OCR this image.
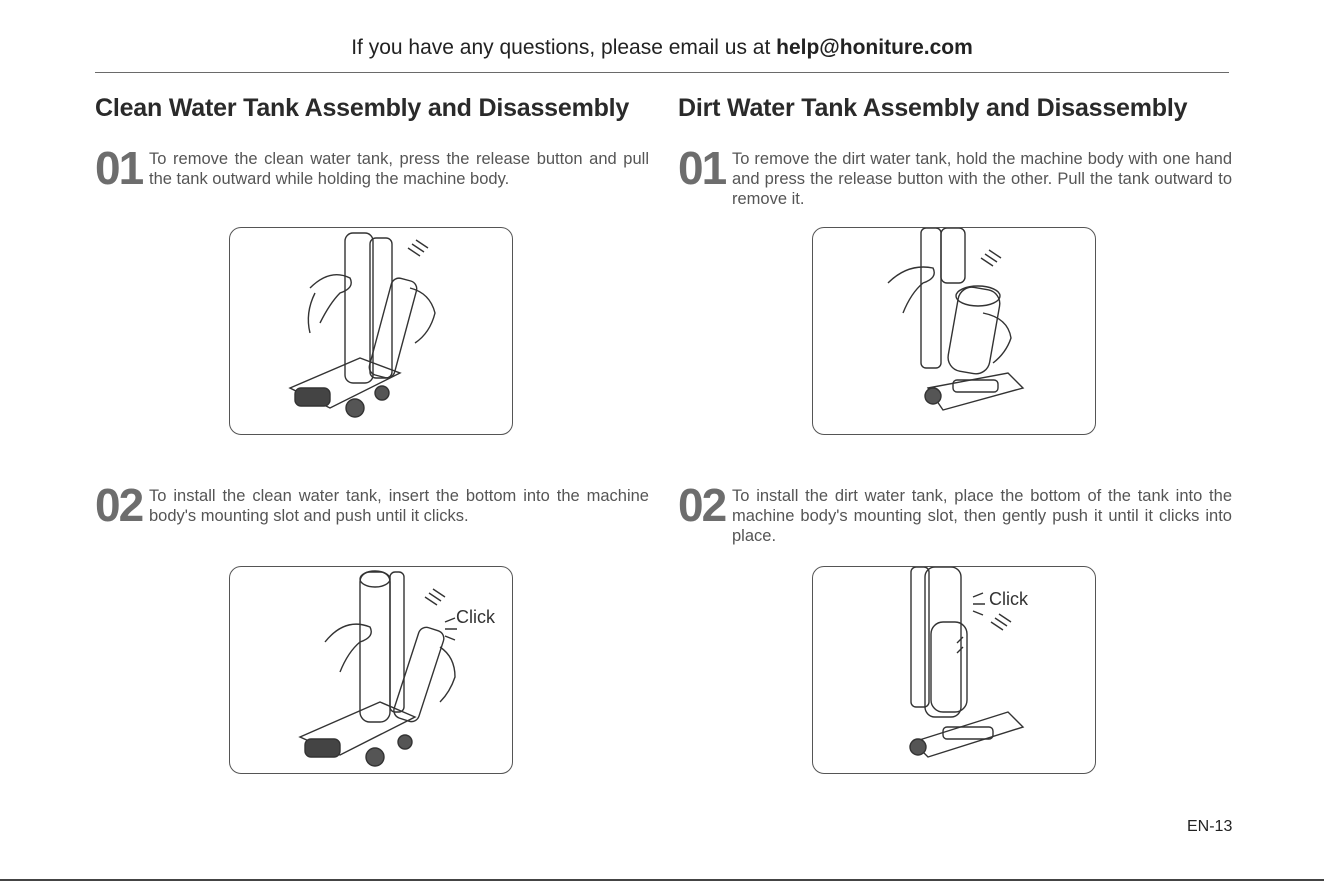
If you have any questions, please email us at help@honiture.com
Clean Water Tank Assembly and Disassembly
01 To remove the clean water tank, press the release button and pull the tank outward while holding the machine body.
02 To install the clean water tank, insert the bottom into the machine body's mounting slot and push until it clicks.
Click
Dirt Water Tank Assembly and Disassembly
01 To remove the dirt water tank, hold the machine body with one hand and press the release button with the other. Pull the tank outward to remove it.
02 To install the dirt water tank, place the bottom of the tank into the machine body's mounting slot, then gently push it until it clicks into place.
Click
EN-13
